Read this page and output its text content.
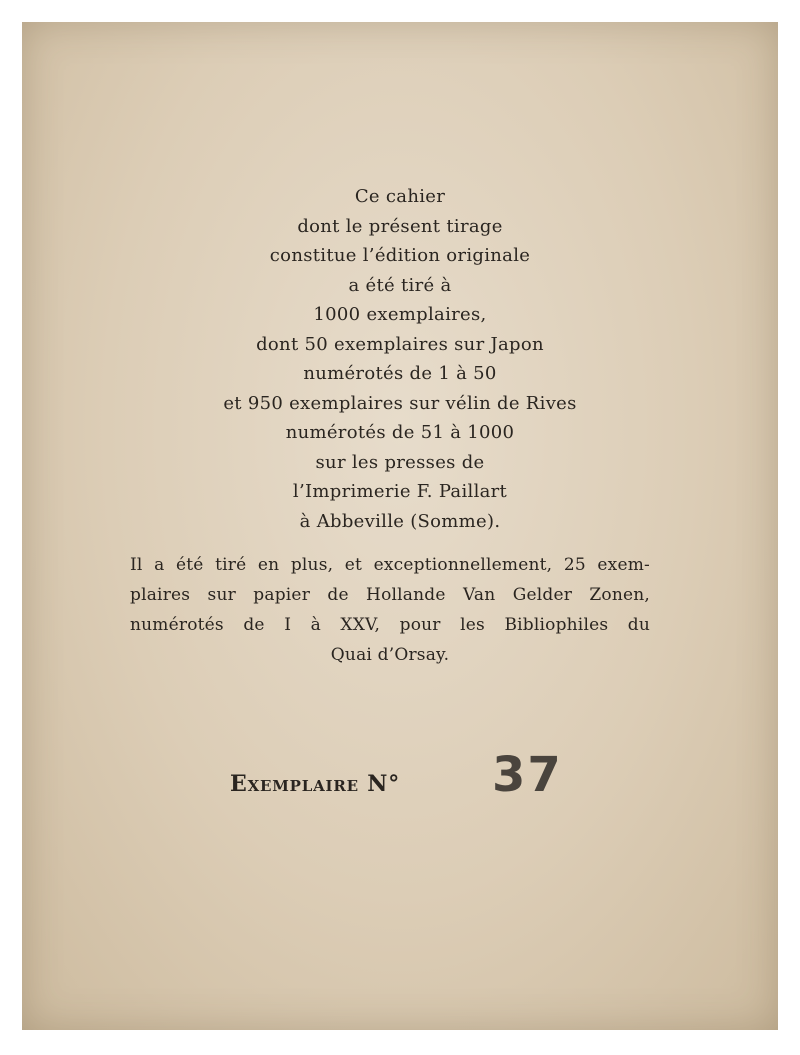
Ce cahier
dont le présent tirage
constitue l’édition originale
a été tiré à
1000 exemplaires,
dont 50 exemplaires sur Japon
numérotés de 1 à 50
et 950 exemplaires sur vélin de Rives
numérotés de 51 à 1000
sur les presses de
l’Imprimerie F. Paillart
à Abbeville (Somme).
Il a été tiré en plus, et exceptionnellement, 25 exem-
plaires sur papier de Hollande Van Gelder Zonen,
numérotés de I à XXV, pour les Bibliophiles du
Quai d’Orsay.
Exemplaire N° 37
